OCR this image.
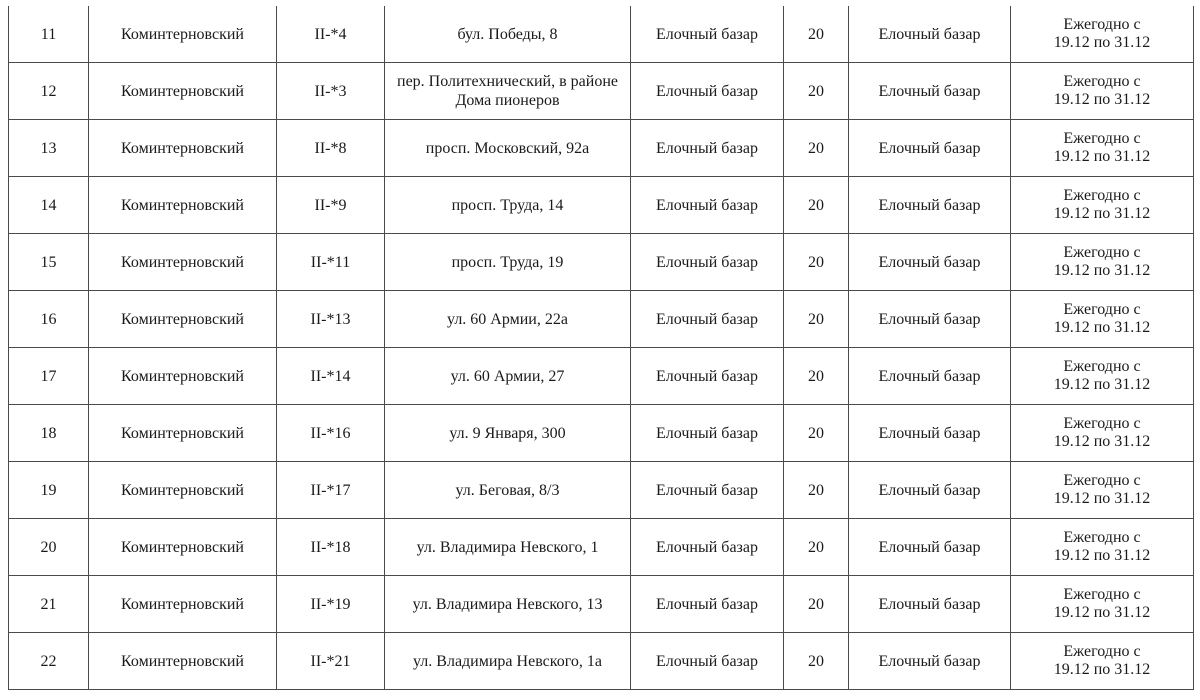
11	Коминтерновский	II-*4	бул. Победы, 8	Елочный базар	20	Елочный базар	Ежегодно с
19.12 по 31.12

12	Коминтерновский	II-*3	пер. Политехнический, в районе Дома пионеров	Елочный базар	20	Елочный базар	Ежегодно с
19.12 по 31.12

13	Коминтерновский	II-*8	просп. Московский, 92а	Елочный базар	20	Елочный базар	Ежегодно с
19.12 по 31.12

14	Коминтерновский	II-*9	просп. Труда, 14	Елочный базар	20	Елочный базар	Ежегодно с
19.12 по 31.12

15	Коминтерновский	II-*11	просп. Труда, 19	Елочный базар	20	Елочный базар	Ежегодно с
19.12 по 31.12

16	Коминтерновский	II-*13	ул. 60 Армии, 22а	Елочный базар	20	Елочный базар	Ежегодно с
19.12 по 31.12

17	Коминтерновский	II-*14	ул. 60 Армии, 27	Елочный базар	20	Елочный базар	Ежегодно с
19.12 по 31.12

18	Коминтерновский	II-*16	ул. 9 Января, 300	Елочный базар	20	Елочный базар	Ежегодно с
19.12 по 31.12

19	Коминтерновский	II-*17	ул. Беговая, 8/3	Елочный базар	20	Елочный базар	Ежегодно с
19.12 по 31.12

20	Коминтерновский	II-*18	ул. Владимира Невского, 1	Елочный базар	20	Елочный базар	Ежегодно с
19.12 по 31.12

21	Коминтерновский	II-*19	ул. Владимира Невского, 13	Елочный базар	20	Елочный базар	Ежегодно с
19.12 по 31.12

22	Коминтерновский	II-*21	ул. Владимира Невского, 1а	Елочный базар	20	Елочный базар	Ежегодно с
19.12 по 31.12
